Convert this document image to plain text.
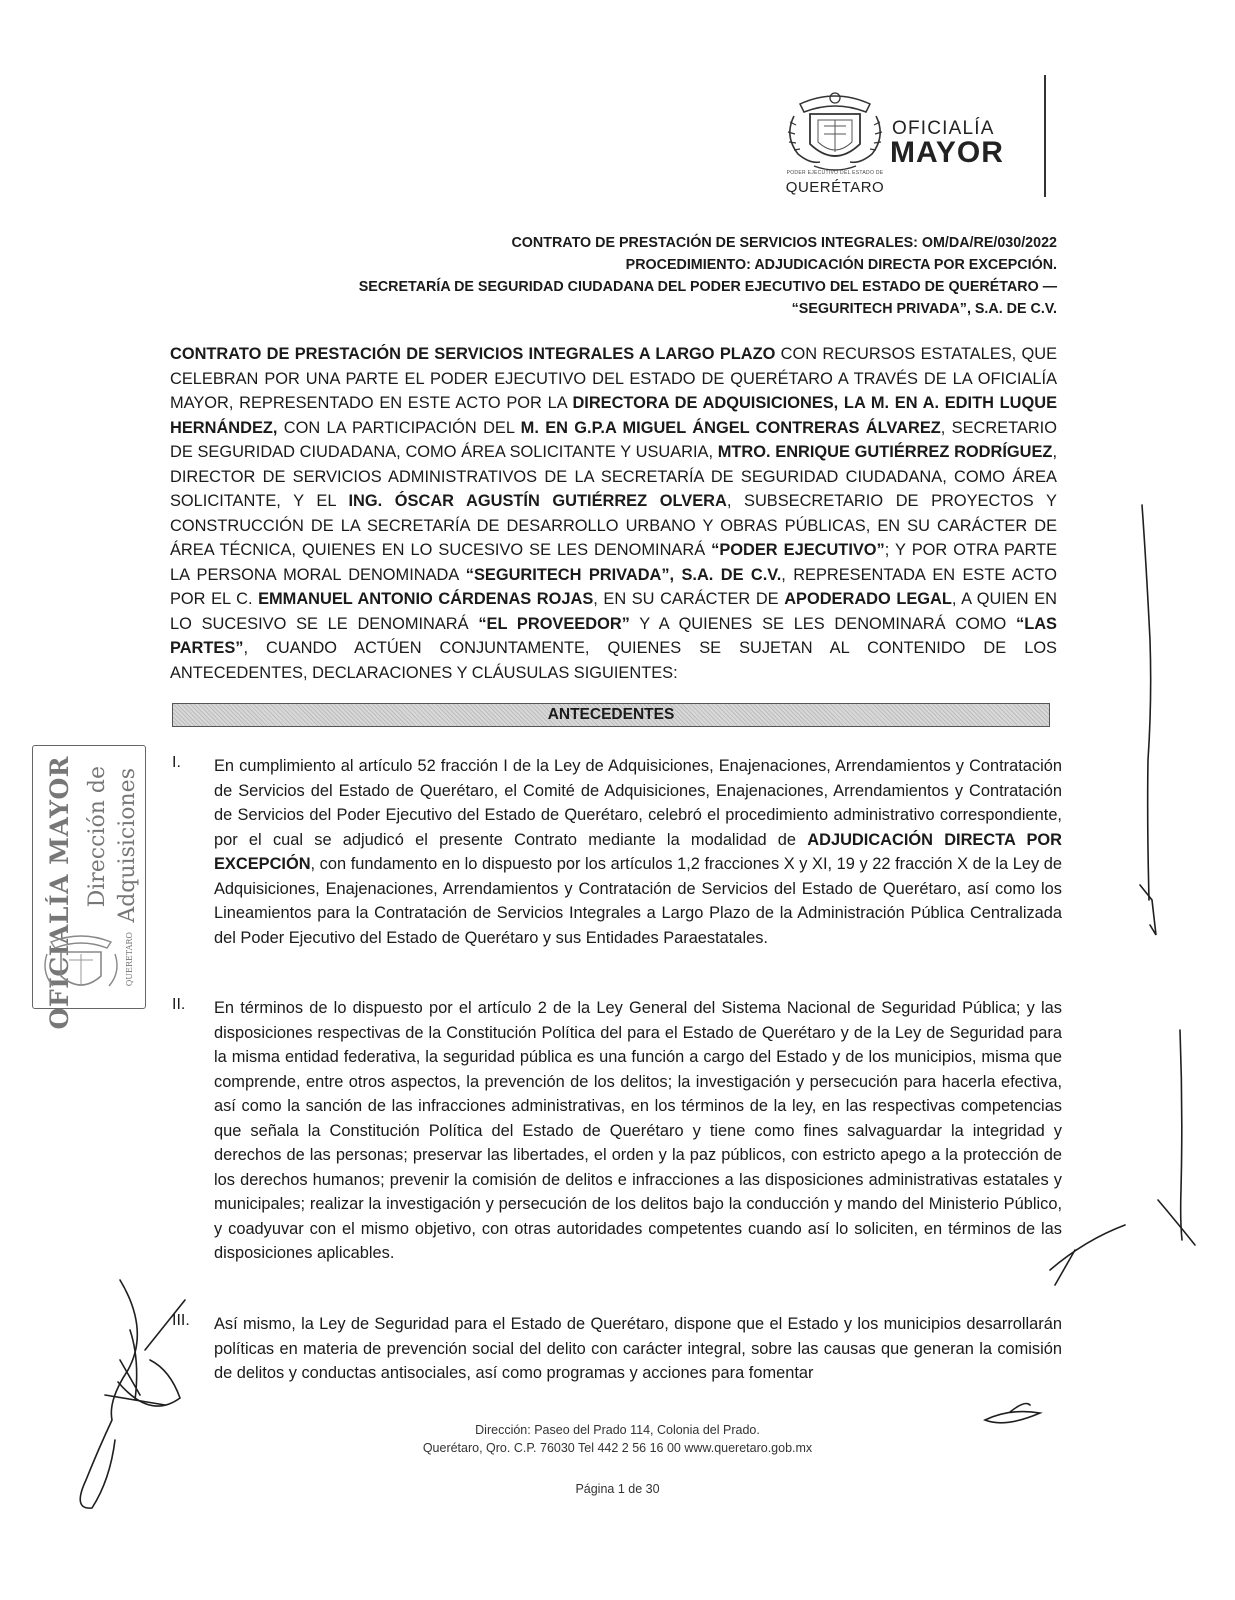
PODER EJECUTIVO DEL ESTADO DE
QUERÉTARO
OFICIALÍA
MAYOR
CONTRATO DE PRESTACIÓN DE SERVICIOS INTEGRALES: OM/DA/RE/030/2022
PROCEDIMIENTO: ADJUDICACIÓN DIRECTA POR EXCEPCIÓN.
SECRETARÍA DE SEGURIDAD CIUDADANA DEL PODER EJECUTIVO DEL ESTADO DE QUERÉTARO —
“SEGURITECH PRIVADA”, S.A. DE C.V.
CONTRATO DE PRESTACIÓN DE SERVICIOS INTEGRALES A LARGO PLAZO CON RECURSOS ESTATALES, QUE CELEBRAN POR UNA PARTE EL PODER EJECUTIVO DEL ESTADO DE QUERÉTARO A TRAVÉS DE LA OFICIALÍA MAYOR, REPRESENTADO EN ESTE ACTO POR LA DIRECTORA DE ADQUISICIONES, LA M. EN A. EDITH LUQUE HERNÁNDEZ, CON LA PARTICIPACIÓN DEL M. EN G.P.A MIGUEL ÁNGEL CONTRERAS ÁLVAREZ, SECRETARIO DE SEGURIDAD CIUDADANA, COMO ÁREA SOLICITANTE Y USUARIA, MTRO. ENRIQUE GUTIÉRREZ RODRÍGUEZ, DIRECTOR DE SERVICIOS ADMINISTRATIVOS DE LA SECRETARÍA DE SEGURIDAD CIUDADANA, COMO ÁREA SOLICITANTE, Y EL ING. ÓSCAR AGUSTÍN GUTIÉRREZ OLVERA, SUBSECRETARIO DE PROYECTOS Y CONSTRUCCIÓN DE LA SECRETARÍA DE DESARROLLO URBANO Y OBRAS PÚBLICAS, EN SU CARÁCTER DE ÁREA TÉCNICA, QUIENES EN LO SUCESIVO SE LES DENOMINARÁ “PODER EJECUTIVO”; Y POR OTRA PARTE LA PERSONA MORAL DENOMINADA “SEGURITECH PRIVADA”, S.A. DE C.V., REPRESENTADA EN ESTE ACTO POR EL C. EMMANUEL ANTONIO CÁRDENAS ROJAS, EN SU CARÁCTER DE APODERADO LEGAL, A QUIEN EN LO SUCESIVO SE LE DENOMINARÁ “EL PROVEEDOR” Y A QUIENES SE LES DENOMINARÁ COMO “LAS PARTES”, CUANDO ACTÚEN CONJUNTAMENTE, QUIENES SE SUJETAN AL CONTENIDO DE LOS ANTECEDENTES, DECLARACIONES Y CLÁUSULAS SIGUIENTES:
ANTECEDENTES
I. En cumplimiento al artículo 52 fracción I de la Ley de Adquisiciones, Enajenaciones, Arrendamientos y Contratación de Servicios del Estado de Querétaro, el Comité de Adquisiciones, Enajenaciones, Arrendamientos y Contratación de Servicios del Poder Ejecutivo del Estado de Querétaro, celebró el procedimiento administrativo correspondiente, por el cual se adjudicó el presente Contrato mediante la modalidad de ADJUDICACIÓN DIRECTA POR EXCEPCIÓN, con fundamento en lo dispuesto por los artículos 1,2 fracciones X y XI, 19 y 22 fracción X de la Ley de Adquisiciones, Enajenaciones, Arrendamientos y Contratación de Servicios del Estado de Querétaro, así como los Lineamientos para la Contratación de Servicios Integrales a Largo Plazo de la Administración Pública Centralizada del Poder Ejecutivo del Estado de Querétaro y sus Entidades Paraestatales.
II. En términos de lo dispuesto por el artículo 2 de la Ley General del Sistema Nacional de Seguridad Pública; y las disposiciones respectivas de la Constitución Política del para el Estado de Querétaro y de la Ley de Seguridad para la misma entidad federativa, la seguridad pública es una función a cargo del Estado y de los municipios, misma que comprende, entre otros aspectos, la prevención de los delitos; la investigación y persecución para hacerla efectiva, así como la sanción de las infracciones administrativas, en los términos de la ley, en las respectivas competencias que señala la Constitución Política del Estado de Querétaro y tiene como fines salvaguardar la integridad y derechos de las personas; preservar las libertades, el orden y la paz públicos, con estricto apego a la protección de los derechos humanos; prevenir la comisión de delitos e infracciones a las disposiciones administrativas estatales y municipales; realizar la investigación y persecución de los delitos bajo la conducción y mando del Ministerio Público, y coadyuvar con el mismo objetivo, con otras autoridades competentes cuando así lo soliciten, en términos de las disposiciones aplicables.
III. Así mismo, la Ley de Seguridad para el Estado de Querétaro, dispone que el Estado y los municipios desarrollarán políticas en materia de prevención social del delito con carácter integral, sobre las causas que generan la comisión de delitos y conductas antisociales, así como programas y acciones para fomentar
OFICIALÍA MAYOR Dirección de Adquisiciones
QUERÉTARO
Dirección: Paseo del Prado 114, Colonia del Prado.
Querétaro, Qro. C.P. 76030 Tel 442 2 56 16 00 www.queretaro.gob.mx
Página 1 de 30
